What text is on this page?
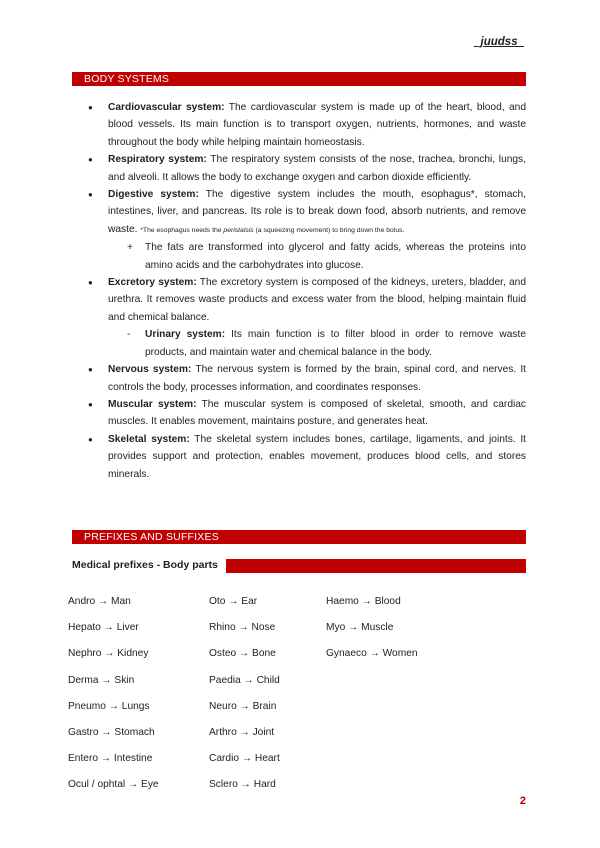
_juudss_
BODY SYSTEMS
● Cardiovascular system: The cardiovascular system is made up of the heart, blood, and blood vessels. Its main function is to transport oxygen, nutrients, hormones, and waste throughout the body while helping maintain homeostasis.
● Respiratory system: The respiratory system consists of the nose, trachea, bronchi, lungs, and alveoli. It allows the body to exchange oxygen and carbon dioxide efficiently.
● Digestive system: The digestive system includes the mouth, esophagus*, stomach, intestines, liver, and pancreas. Its role is to break down food, absorb nutrients, and remove waste. *The esophagus needs the peristalsis (a squeezing movement) to bring down the bolus.
+ The fats are transformed into glycerol and fatty acids, whereas the proteins into amino acids and the carbohydrates into glucose.
● Excretory system: The excretory system is composed of the kidneys, ureters, bladder, and urethra. It removes waste products and excess water from the blood, helping maintain fluid and chemical balance.
- Urinary system: Its main function is to filter blood in order to remove waste products, and maintain water and chemical balance in the body.
● Nervous system: The nervous system is formed by the brain, spinal cord, and nerves. It controls the body, processes information, and coordinates responses.
● Muscular system: The muscular system is composed of skeletal, smooth, and cardiac muscles. It enables movement, maintains posture, and generates heat.
● Skeletal system: The skeletal system includes bones, cartilage, ligaments, and joints. It provides support and protection, enables movement, produces blood cells, and stores minerals.
PREFIXES AND SUFFIXES
Medical prefixes - Body parts
Andro → Man	Oto → Ear	Haemo → Blood
Hepato → Liver	Rhino → Nose	Myo → Muscle
Nephro → Kidney	Osteo → Bone	Gynaeco → Women
Derma → Skin	Paedia → Child
Pneumo → Lungs	Neuro → Brain
Gastro → Stomach	Arthro → Joint
Entero → Intestine	Cardio → Heart
Ocul / ophtal → Eye	Sclero → Hard
2
